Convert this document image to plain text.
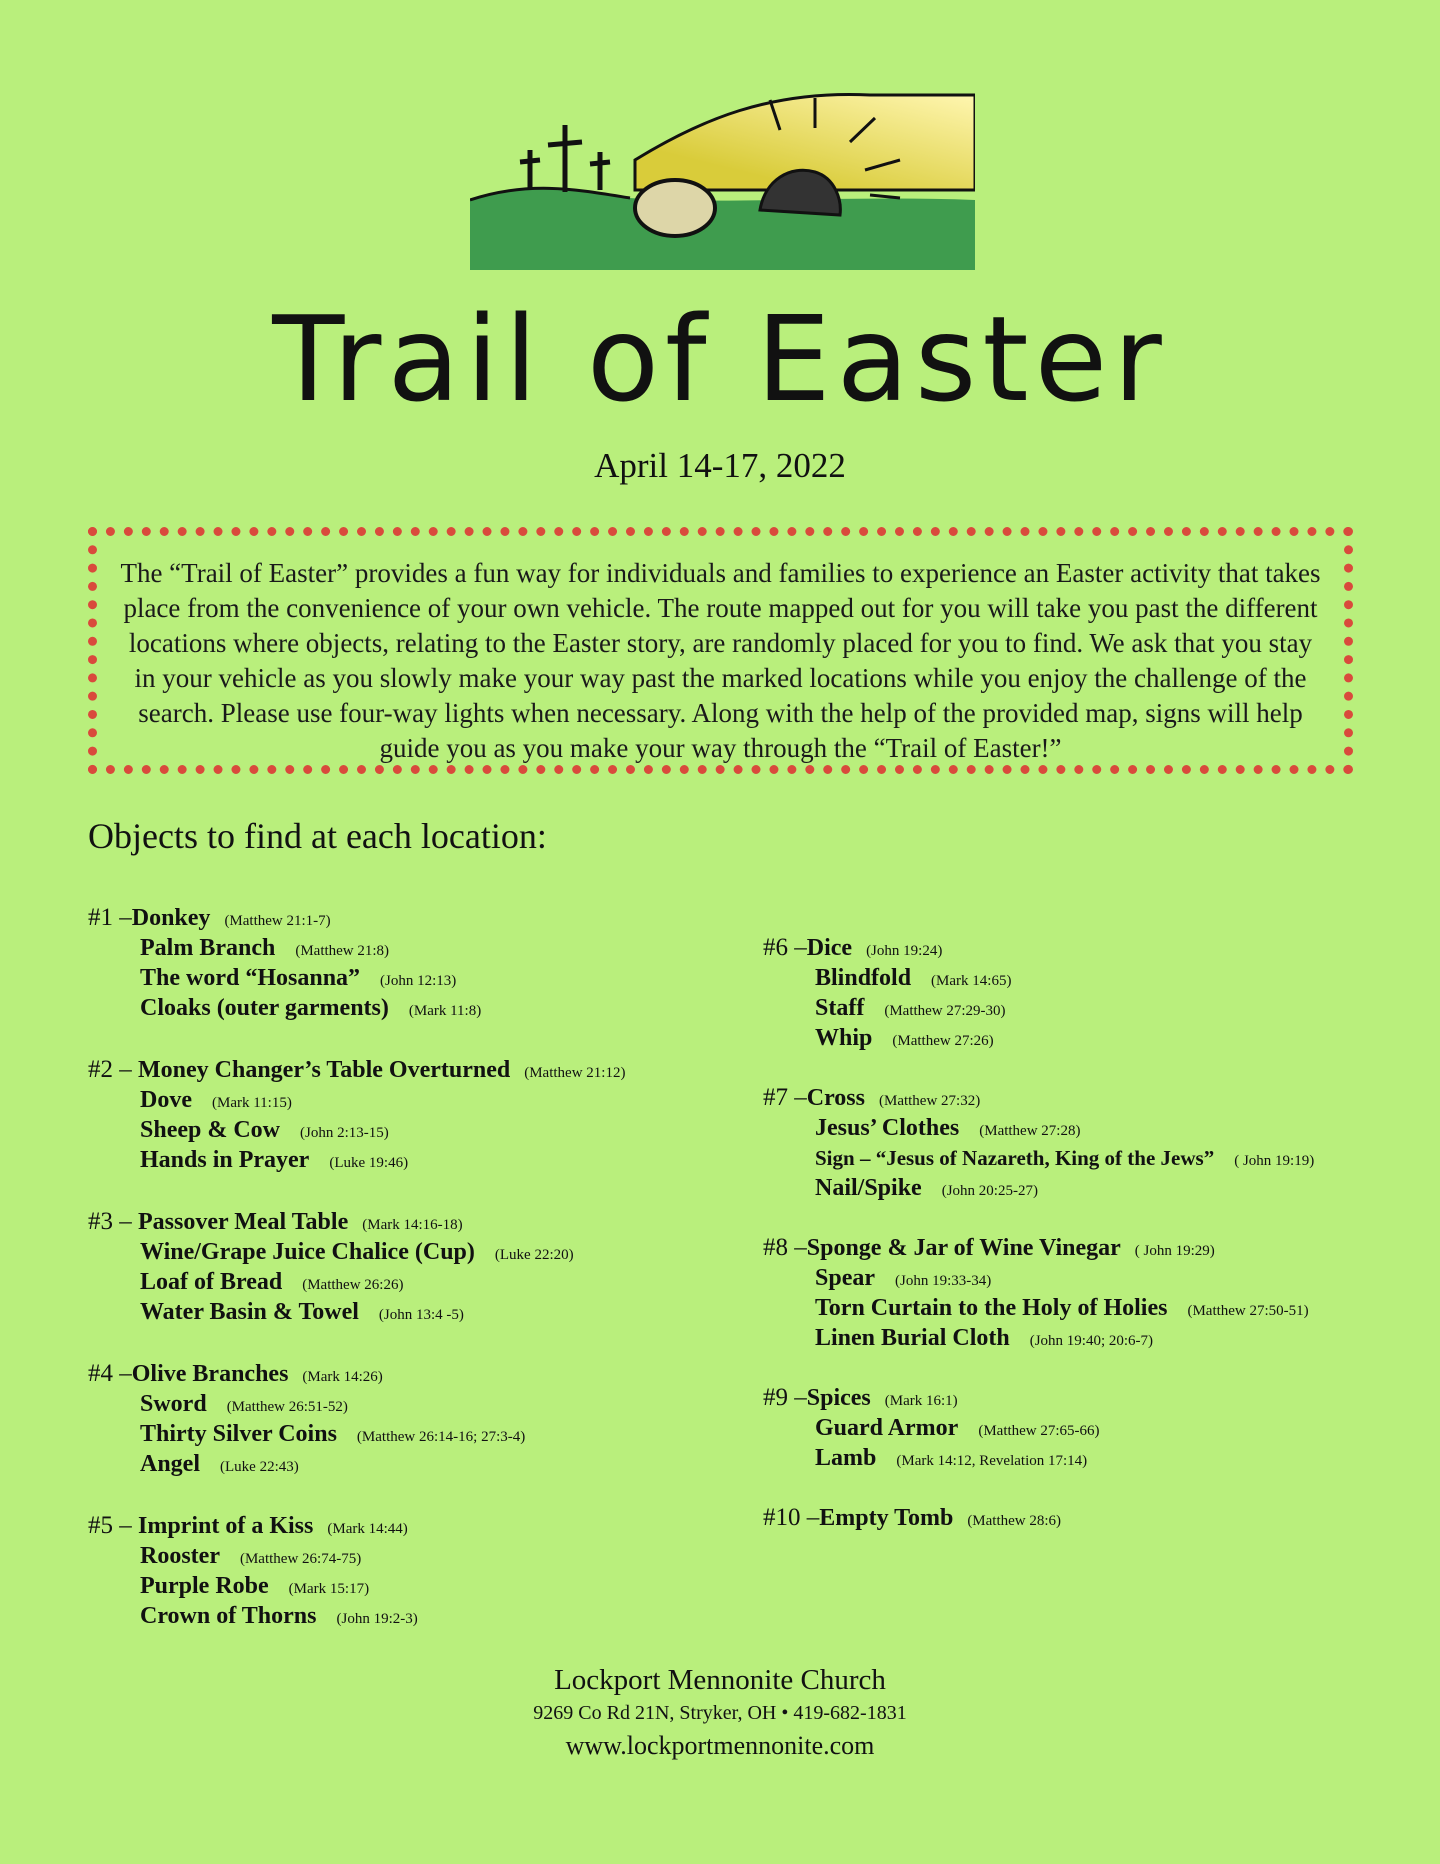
Trail of Easter
April 14-17, 2022

The “Trail of Easter” provides a fun way for individuals and families to experience an Easter activity that takes place from the convenience of your own vehicle. The route mapped out for you will take you past the different locations where objects, relating to the Easter story, are randomly placed for you to find. We ask that you stay in your vehicle as you slowly make your way past the marked locations while you enjoy the challenge of the search. Please use four-way lights when necessary. Along with the help of the provided map, signs will help guide you as you make your way through the “Trail of Easter!”

Objects to find at each location:
#1 –Donkey (Matthew 21:1-7)
Palm Branch (Matthew 21:8)
The word “Hosanna” (John 12:13)
Cloaks (outer garments) (Mark 11:8)
#2 – Money Changer’s Table Overturned (Matthew 21:12)
Dove (Mark 11:15)
Sheep & Cow (John 2:13-15)
Hands in Prayer (Luke 19:46)
#3 – Passover Meal Table (Mark 14:16-18)
Wine/Grape Juice Chalice (Cup) (Luke 22:20)
Loaf of Bread (Matthew 26:26)
Water Basin & Towel (John 13:4 -5)
#4 –Olive Branches (Mark 14:26)
Sword (Matthew 26:51-52)
Thirty Silver Coins (Matthew 26:14-16; 27:3-4)
Angel (Luke 22:43)
#5 – Imprint of a Kiss (Mark 14:44)
Rooster (Matthew 26:74-75)
Purple Robe (Mark 15:17)
Crown of Thorns (John 19:2-3)
#6 –Dice (John 19:24)
Blindfold (Mark 14:65)
Staff (Matthew 27:29-30)
Whip (Matthew 27:26)
#7 –Cross (Matthew 27:32)
Jesus’ Clothes (Matthew 27:28)
Sign – “Jesus of Nazareth, King of the Jews” ( John 19:19)
Nail/Spike (John 20:25-27)
#8 –Sponge & Jar of Wine Vinegar ( John 19:29)
Spear (John 19:33-34)
Torn Curtain to the Holy of Holies (Matthew 27:50-51)
Linen Burial Cloth (John 19:40; 20:6-7)
#9 –Spices (Mark 16:1)
Guard Armor (Matthew 27:65-66)
Lamb (Mark 14:12, Revelation 17:14)
#10 –Empty Tomb (Matthew 28:6)
Lockport Mennonite Church
9269 Co Rd 21N, Stryker, OH • 419-682-1831
www.lockportmennonite.com
